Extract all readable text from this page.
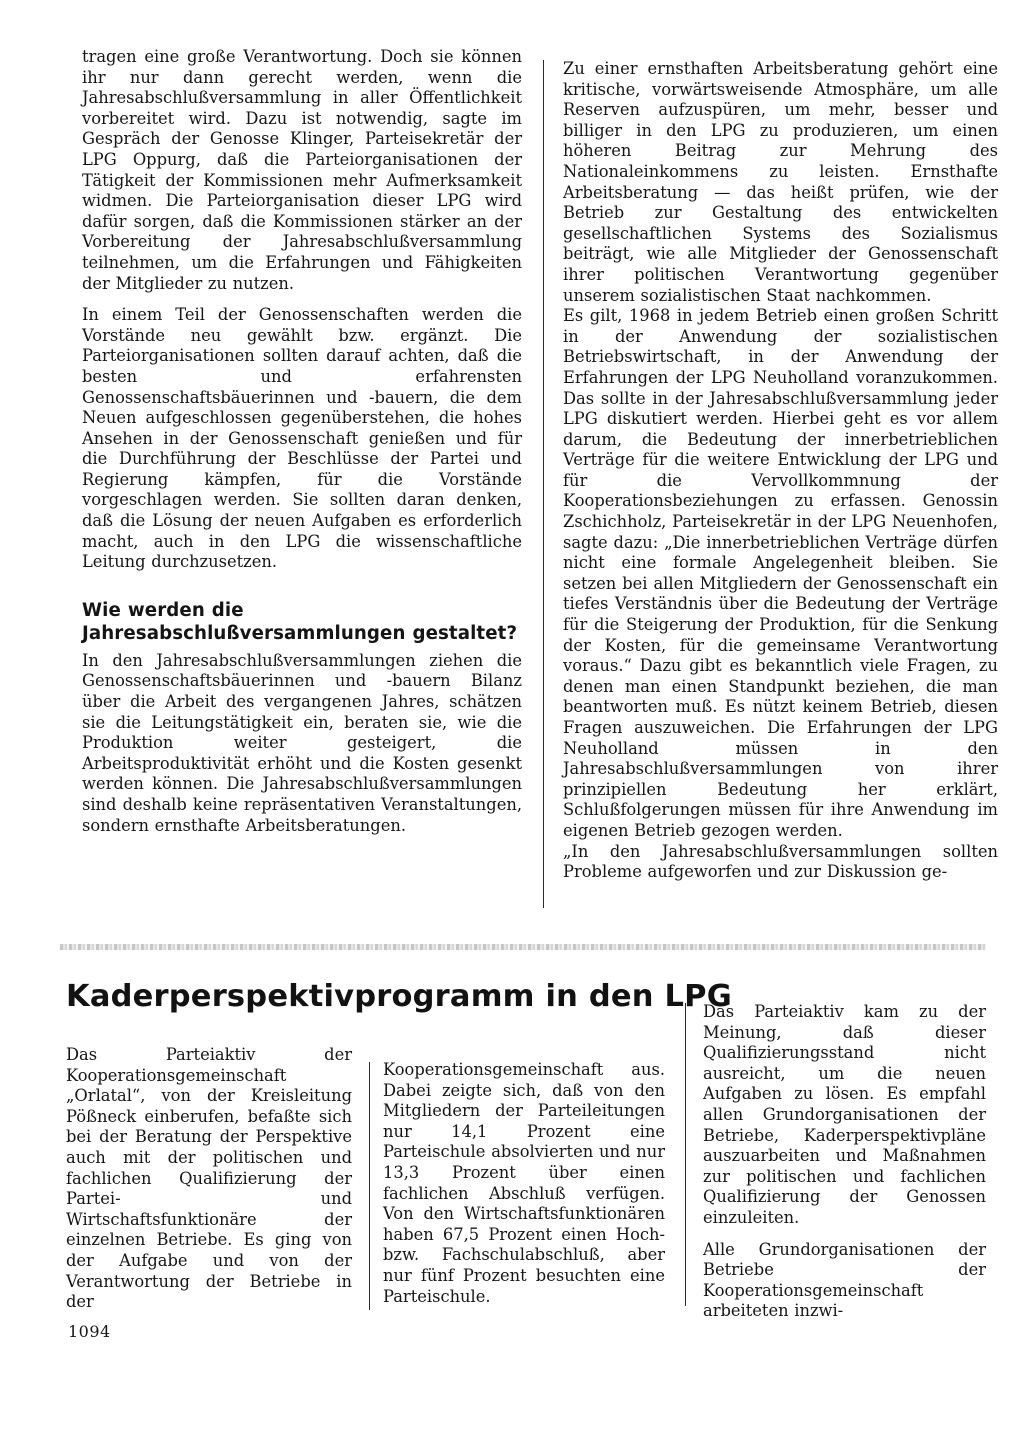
tragen eine große Verantwortung. Doch sie können ihr nur dann gerecht werden, wenn die Jahresabschlußversammlung in aller Öffentlichkeit vorbereitet wird. Dazu ist notwendig, sagte im Gespräch der Genosse Klinger, Parteisekretär der LPG Oppurg, daß die Parteiorganisationen der Tätigkeit der Kommissionen mehr Aufmerksamkeit widmen. Die Parteiorganisation dieser LPG wird dafür sorgen, daß die Kommissionen stärker an der Vorbereitung der Jahresabschlußversammlung teilnehmen, um die Erfahrungen und Fähigkeiten der Mitglieder zu nutzen.

In einem Teil der Genossenschaften werden die Vorstände neu gewählt bzw. ergänzt. Die Parteiorganisationen sollten darauf achten, daß die besten und erfahrensten Genossenschaftsbäuerinnen und -bauern, die dem Neuen aufgeschlossen gegenüberstehen, die hohes Ansehen in der Genossenschaft genießen und für die Durchführung der Beschlüsse der Partei und Regierung kämpfen, für die Vorstände vorgeschlagen werden. Sie sollten daran denken, daß die Lösung der neuen Aufgaben es erforderlich macht, auch in den LPG die wissenschaftliche Leitung durchzusetzen.

Wie werden die Jahresabschlußversammlungen gestaltet?

In den Jahresabschlußversammlungen ziehen die Genossenschaftsbäuerinnen und -bauern Bilanz über die Arbeit des vergangenen Jahres, schätzen sie die Leitungstätigkeit ein, beraten sie, wie die Produktion weiter gesteigert, die Arbeitsproduktivität erhöht und die Kosten gesenkt werden können. Die Jahresabschlußversammlungen sind deshalb keine repräsentativen Veranstaltungen, sondern ernsthafte Arbeitsberatungen.

Zu einer ernsthaften Arbeitsberatung gehört eine kritische, vorwärtsweisende Atmosphäre, um alle Reserven aufzuspüren, um mehr, besser und billiger in den LPG zu produzieren, um einen höheren Beitrag zur Mehrung des Nationaleinkommens zu leisten. Ernsthafte Arbeitsberatung — das heißt prüfen, wie der Betrieb zur Gestaltung des entwickelten gesellschaftlichen Systems des Sozialismus beiträgt, wie alle Mitglieder der Genossenschaft ihrer politischen Verantwortung gegenüber unserem sozialistischen Staat nachkommen.

Es gilt, 1968 in jedem Betrieb einen großen Schritt in der Anwendung der sozialistischen Betriebswirtschaft, in der Anwendung der Erfahrungen der LPG Neuholland voranzukommen. Das sollte in der Jahresabschlußversammlung jeder LPG diskutiert werden. Hierbei geht es vor allem darum, die Bedeutung der innerbetrieblichen Verträge für die weitere Entwicklung der LPG und für die Vervollkommnung der Kooperationsbeziehungen zu erfassen. Genossin Zschichholz, Parteisekretär in der LPG Neuenhofen, sagte dazu: „Die innerbetrieblichen Verträge dürfen nicht eine formale Angelegenheit bleiben. Sie setzen bei allen Mitgliedern der Genossenschaft ein tiefes Verständnis über die Bedeutung der Verträge für die Steigerung der Produktion, für die Senkung der Kosten, für die gemeinsame Verantwortung voraus.“ Dazu gibt es bekanntlich viele Fragen, zu denen man einen Standpunkt beziehen, die man beantworten muß. Es nützt keinem Betrieb, diesen Fragen auszuweichen. Die Erfahrungen der LPG Neuholland müssen in den Jahresabschlußversammlungen von ihrer prinzipiellen Bedeutung her erklärt, Schlußfolgerungen müssen für ihre Anwendung im eigenen Betrieb gezogen werden.

„In den Jahresabschlußversammlungen sollten Probleme aufgeworfen und zur Diskussion ge-

Kaderperspektivprogramm in den LPG

Das Parteiaktiv der Kooperationsgemeinschaft „Orlatal“, von der Kreisleitung Pößneck einberufen, befaßte sich bei der Beratung der Perspektive auch mit der politischen und fachlichen Qualifizierung der Partei- und Wirtschaftsfunktionäre der einzelnen Betriebe. Es ging von der Aufgabe und von der Verantwortung der Betriebe in der

Kooperationsgemeinschaft aus. Dabei zeigte sich, daß von den Mitgliedern der Parteileitungen nur 14,1 Prozent eine Parteischule absolvierten und nur 13,3 Prozent über einen fachlichen Abschluß verfügen. Von den Wirtschaftsfunktionären haben 67,5 Prozent einen Hoch- bzw. Fachschulabschluß, aber nur fünf Prozent besuchten eine Parteischule.

Das Parteiaktiv kam zu der Meinung, daß dieser Qualifizierungsstand nicht ausreicht, um die neuen Aufgaben zu lösen. Es empfahl allen Grundorganisationen der Betriebe, Kaderperspektivpläne auszuarbeiten und Maßnahmen zur politischen und fachlichen Qualifizierung der Genossen einzuleiten.

Alle Grundorganisationen der Betriebe der Kooperationsgemeinschaft arbeiteten inzwi-

1094
